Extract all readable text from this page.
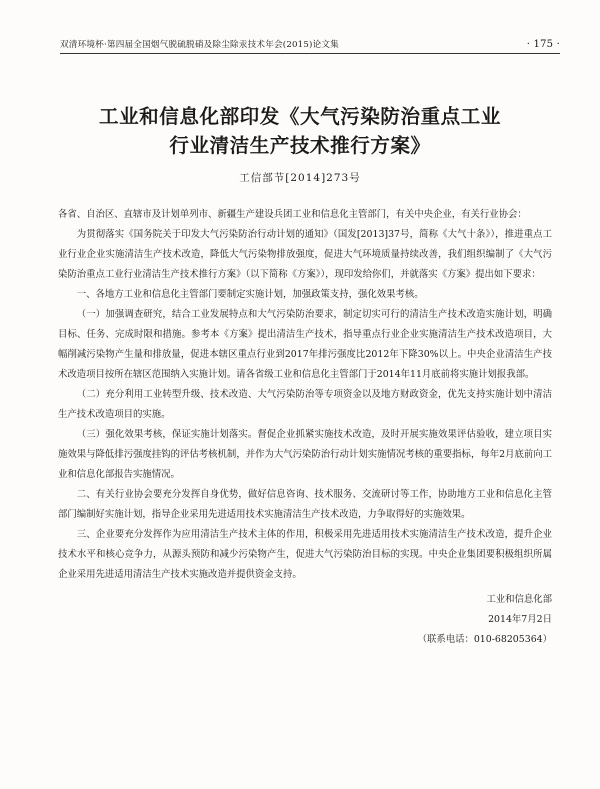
双清环境杯·第四届全国烟气脱硫脱硝及除尘除汞技术年会(2015)论文集	· 175 ·
工业和信息化部印发《大气污染防治重点工业
行业清洁生产技术推行方案》
工信部节[2014]273号

各省、自治区、直辖市及计划单列市、新疆生产建设兵团工业和信息化主管部门，有关中央企业，有关行业协会：

为贯彻落实《国务院关于印发大气污染防治行动计划的通知》（国发[2013]37号，简称《大气十条》），推进重点工业行业企业实施清洁生产技术改造，降低大气污染物排放强度，促进大气环境质量持续改善，我们组织编制了《大气污染防治重点工业行业清洁生产技术推行方案》（以下简称《方案》），现印发给你们，并就落实《方案》提出如下要求：

一、各地方工业和信息化主管部门要制定实施计划，加强政策支持，强化效果考核。

（一）加强调查研究，结合工业发展特点和大气污染防治要求，制定切实可行的清洁生产技术改造实施计划，明确目标、任务、完成时限和措施。参考本《方案》提出清洁生产技术，指导重点行业企业实施清洁生产技术改造项目，大幅削减污染物产生量和排放量，促进本辖区重点行业到2017年排污强度比2012年下降30%以上。中央企业清洁生产技术改造项目按所在辖区范围纳入实施计划。请各省级工业和信息化主管部门于2014年11月底前将实施计划报我部。

（二）充分利用工业转型升级、技术改造、大气污染防治等专项资金以及地方财政资金，优先支持实施计划中清洁生产技术改造项目的实施。

（三）强化效果考核，保证实施计划落实。督促企业抓紧实施技术改造，及时开展实施效果评估验收，建立项目实施效果与降低排污强度挂钩的评估考核机制，并作为大气污染防治行动计划实施情况考核的重要指标，每年2月底前向工业和信息化部报告实施情况。

二、有关行业协会要充分发挥自身优势，做好信息咨询、技术服务、交流研讨等工作，协助地方工业和信息化主管部门编制好实施计划，指导企业采用先进适用技术实施清洁生产技术改造，力争取得好的实施效果。

三、企业要充分发挥作为应用清洁生产技术主体的作用，积极采用先进适用技术实施清洁生产技术改造，提升企业技术水平和核心竞争力，从源头预防和减少污染物产生，促进大气污染防治目标的实现。中央企业集团要积极组织所属企业采用先进适用清洁生产技术实施改造并提供资金支持。

工业和信息化部
2014年7月2日
（联系电话：010-68205364）
